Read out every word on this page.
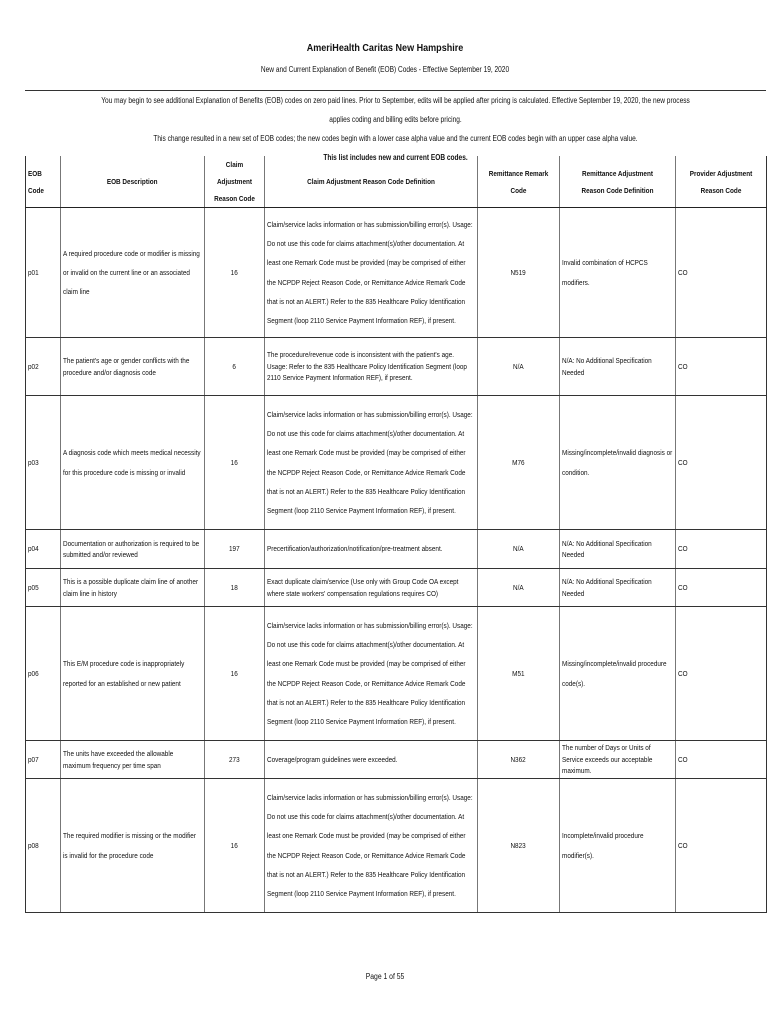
AmeriHealth Caritas New Hampshire
New and Current Explanation of Benefit (EOB) Codes - Effective September 19, 2020
You may begin to see additional Explanation of Benefits (EOB) codes on zero paid lines. Prior to September, edits will be applied after pricing is calculated. Effective September 19, 2020, the new process applies coding and billing edits before pricing.
This change resulted in a new set of EOB codes; the new codes begin with a lower case alpha value and the current EOB codes begin with an upper case alpha value.
This list includes new and current EOB codes.
EOB Code	EOB Description	Claim Adjustment Reason Code	Claim Adjustment Reason Code Definition	Remittance Remark Code	Remittance Adjustment Reason Code Definition	Provider Adjustment Reason Code
p01	A required procedure code or modifier is missing or invalid on the current line or an associated claim line	16	Claim/service lacks information or has submission/billing error(s). Usage: Do not use this code for claims attachment(s)/other documentation. At least one Remark Code must be provided (may be comprised of either the NCPDP Reject Reason Code, or Remittance Advice Remark Code that is not an ALERT.) Refer to the 835 Healthcare Policy Identification Segment (loop 2110 Service Payment Information REF), if present.	N519	Invalid combination of HCPCS modifiers.	CO
p02	The patient's age or gender conflicts with the procedure and/or diagnosis code	6	The procedure/revenue code is inconsistent with the patient's age. Usage: Refer to the 835 Healthcare Policy Identification Segment (loop 2110 Service Payment Information REF), if present.	N/A	N/A: No Additional Specification Needed	CO
p03	A diagnosis code which meets medical necessity for this procedure code is missing or invalid	16	Claim/service lacks information or has submission/billing error(s). Usage: Do not use this code for claims attachment(s)/other documentation. At least one Remark Code must be provided (may be comprised of either the NCPDP Reject Reason Code, or Remittance Advice Remark Code that is not an ALERT.) Refer to the 835 Healthcare Policy Identification Segment (loop 2110 Service Payment Information REF), if present.	M76	Missing/incomplete/invalid diagnosis or condition.	CO
p04	Documentation or authorization is required to be submitted and/or reviewed	197	Precertification/authorization/notification/pre-treatment absent.	N/A	N/A: No Additional Specification Needed	CO
p05	This is a possible duplicate claim line of another claim line in history	18	Exact duplicate claim/service (Use only with Group Code OA except where state workers' compensation regulations requires CO)	N/A	N/A: No Additional Specification Needed	CO
p06	This E/M procedure code is inappropriately reported for an established or new patient	16	Claim/service lacks information or has submission/billing error(s). Usage: Do not use this code for claims attachment(s)/other documentation. At least one Remark Code must be provided (may be comprised of either the NCPDP Reject Reason Code, or Remittance Advice Remark Code that is not an ALERT.) Refer to the 835 Healthcare Policy Identification Segment (loop 2110 Service Payment Information REF), if present.	M51	Missing/incomplete/invalid procedure code(s).	CO
p07	The units have exceeded the allowable maximum frequency per time span	273	Coverage/program guidelines were exceeded.	N362	The number of Days or Units of Service exceeds our acceptable maximum.	CO
p08	The required modifier is missing or the modifier is invalid for the procedure code	16	Claim/service lacks information or has submission/billing error(s). Usage: Do not use this code for claims attachment(s)/other documentation. At least one Remark Code must be provided (may be comprised of either the NCPDP Reject Reason Code, or Remittance Advice Remark Code that is not an ALERT.) Refer to the 835 Healthcare Policy Identification Segment (loop 2110 Service Payment Information REF), if present.	N823	Incomplete/invalid procedure modifier(s).	CO
Page 1 of 55
